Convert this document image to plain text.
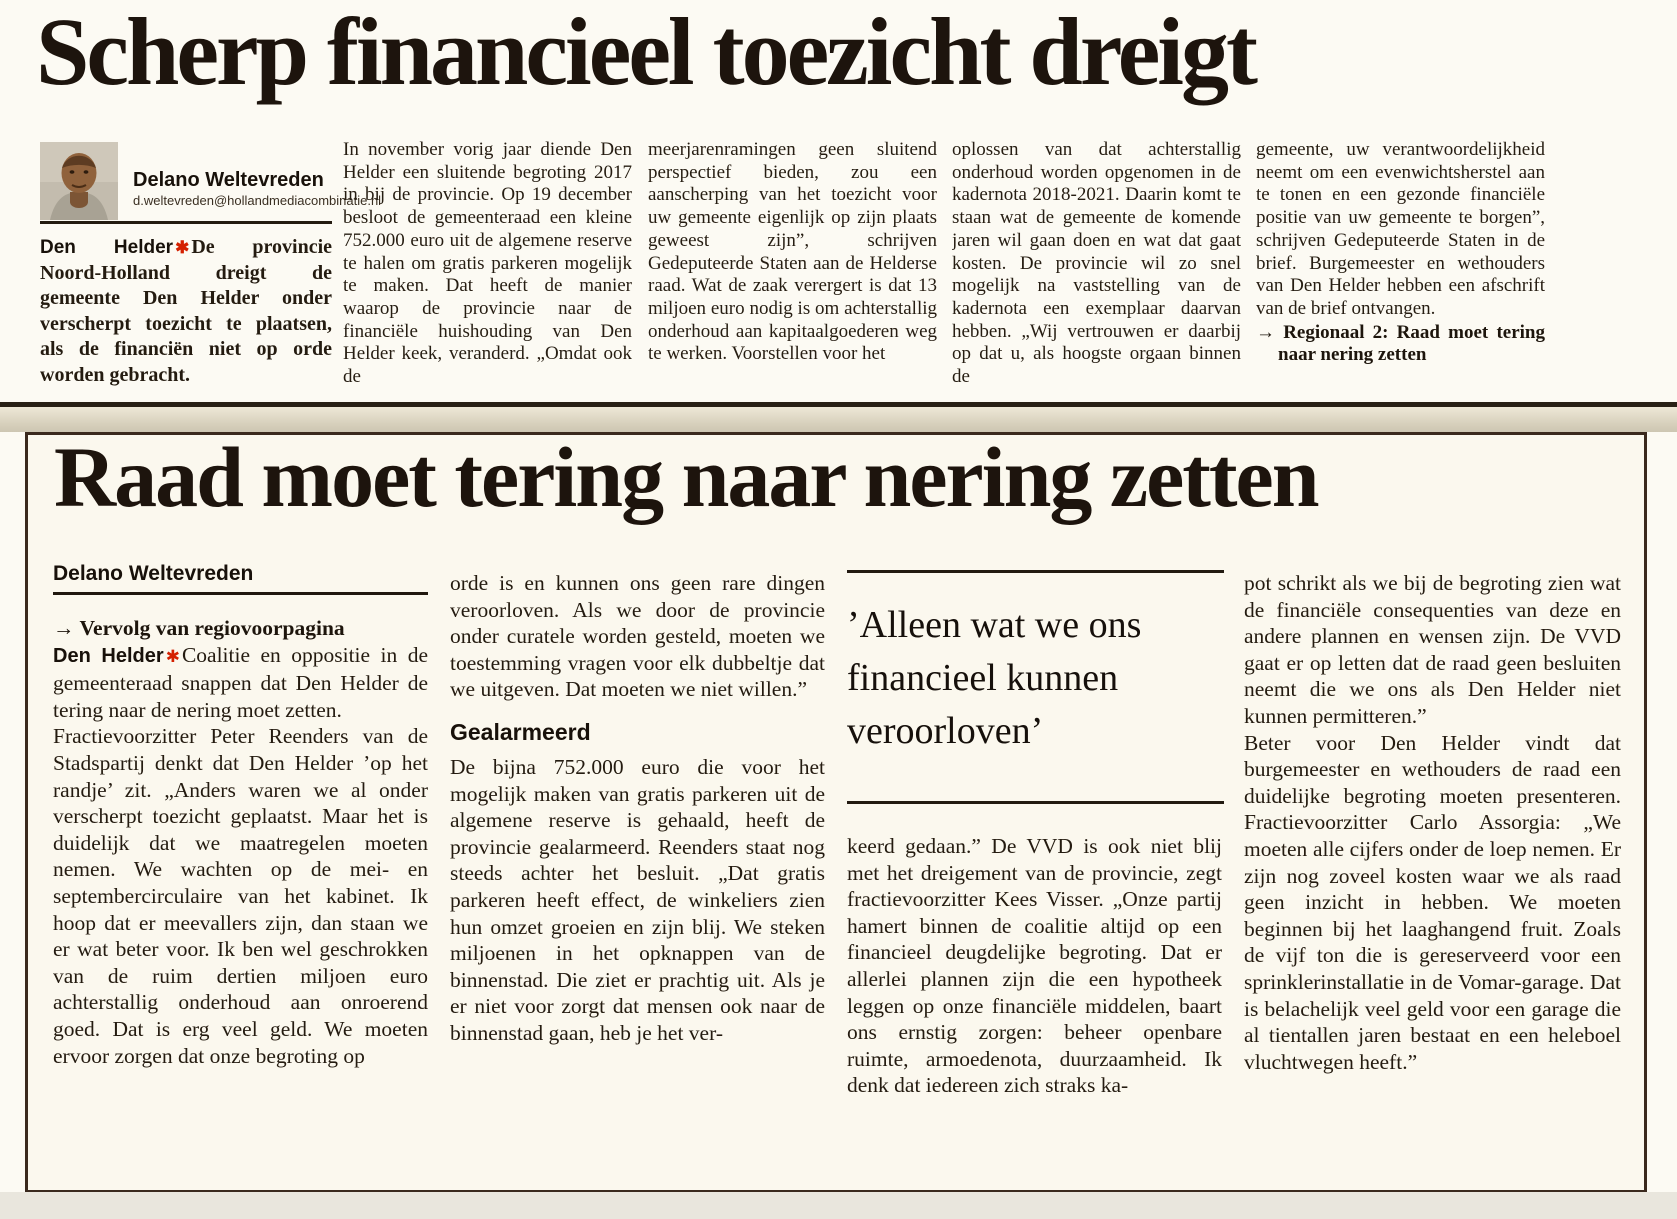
Scherp financieel toezicht dreigt
Delano Weltevreden
d.weltevreden@hollandmediacombinatie.nl

Den Helder ✱ De provincie Noord-Holland dreigt de gemeente Den Helder onder verscherpt toezicht te plaatsen, als de financiën niet op orde worden gebracht.

In november vorig jaar diende Den Helder een sluitende begroting 2017 in bij de provincie. Op 19 december besloot de gemeenteraad een kleine 752.000 euro uit de algemene reserve te halen om gratis parkeren mogelijk te maken. Dat heeft de manier waarop de provincie naar de financiële huishouding van Den Helder keek, veranderd. „Omdat ook de
meerjarenramingen geen sluitend perspectief bieden, zou een aanscherping van het toezicht voor uw gemeente eigenlijk op zijn plaats geweest zijn”, schrijven Gedeputeerde Staten aan de Helderse raad. Wat de zaak verergert is dat 13 miljoen euro nodig is om achterstallig onderhoud aan kapitaalgoederen weg te werken. Voorstellen voor het
oplossen van dat achterstallig onderhoud worden opgenomen in de kadernota 2018-2021. Daarin komt te staan wat de gemeente de komende jaren wil gaan doen en wat dat gaat kosten. De provincie wil zo snel mogelijk na vaststelling van de kadernota een exemplaar daarvan hebben. „Wij vertrouwen er daarbij op dat u, als hoogste orgaan binnen de
gemeente, uw verantwoordelijkheid neemt om een evenwichtsherstel aan te tonen en een gezonde financiële positie van uw gemeente te borgen”, schrijven Gedeputeerde Staten in de brief. Burgemeester en wethouders van Den Helder hebben een afschrift van de brief ontvangen.
→ Regionaal 2: Raad moet tering naar nering zetten
Raad moet tering naar nering zetten
Delano Weltevreden
→ Vervolg van regiovoorpagina

Den Helder ✱Coalitie en oppositie in de gemeenteraad snappen dat Den Helder de tering naar de nering moet zetten.

Fractievoorzitter Peter Reenders van de Stadspartij denkt dat Den Helder ’op het randje’ zit. „Anders waren we al onder verscherpt toezicht geplaatst. Maar het is duidelijk dat we maatregelen moeten nemen. We wachten op de mei- en septembercirculaire van het kabinet. Ik hoop dat er meevallers zijn, dan staan we er wat beter voor. Ik ben wel geschrokken van de ruim dertien miljoen euro achterstallig onderhoud aan onroerend goed. Dat is erg veel geld. We moeten ervoor zorgen dat onze begroting op

orde is en kunnen ons geen rare dingen veroorloven. Als we door de provincie onder curatele worden gesteld, moeten we toestemming vragen voor elk dubbeltje dat we uitgeven. Dat moeten we niet willen.”

Gealarmeerd

De bijna 752.000 euro die voor het mogelijk maken van gratis parkeren uit de algemene reserve is gehaald, heeft de provincie gealarmeerd. Reenders staat nog steeds achter het besluit. „Dat gratis parkeren heeft effect, de winkeliers zien hun omzet groeien en zijn blij. We steken miljoenen in het opknappen van de binnenstad. Die ziet er prachtig uit. Als je er niet voor zorgt dat mensen ook naar de binnenstad gaan, heb je het ver-

’Alleen wat we ons financieel kunnen veroorloven’

keerd gedaan.” De VVD is ook niet blij met het dreigement van de provincie, zegt fractievoorzitter Kees Visser. „Onze partij hamert binnen de coalitie altijd op een financieel deugdelijke begroting. Dat er allerlei plannen zijn die een hypotheek leggen op onze financiële middelen, baart ons ernstig zorgen: beheer openbare ruimte, armoedenota, duurzaamheid. Ik denk dat iedereen zich straks ka-

pot schrikt als we bij de begroting zien wat de financiële consequenties van deze en andere plannen en wensen zijn. De VVD gaat er op letten dat de raad geen besluiten neemt die we ons als Den Helder niet kunnen permitteren.”

Beter voor Den Helder vindt dat burgemeester en wethouders de raad een duidelijke begroting moeten presenteren. Fractievoorzitter Carlo Assorgia: „We moeten alle cijfers onder de loep nemen. Er zijn nog zoveel kosten waar we als raad geen inzicht in hebben. We moeten beginnen bij het laaghangend fruit. Zoals de vijf ton die is gereserveerd voor een sprinklerinstallatie in de Vomar-garage. Dat is belachelijk veel geld voor een garage die al tientallen jaren bestaat en een heleboel vluchtwegen heeft.”
